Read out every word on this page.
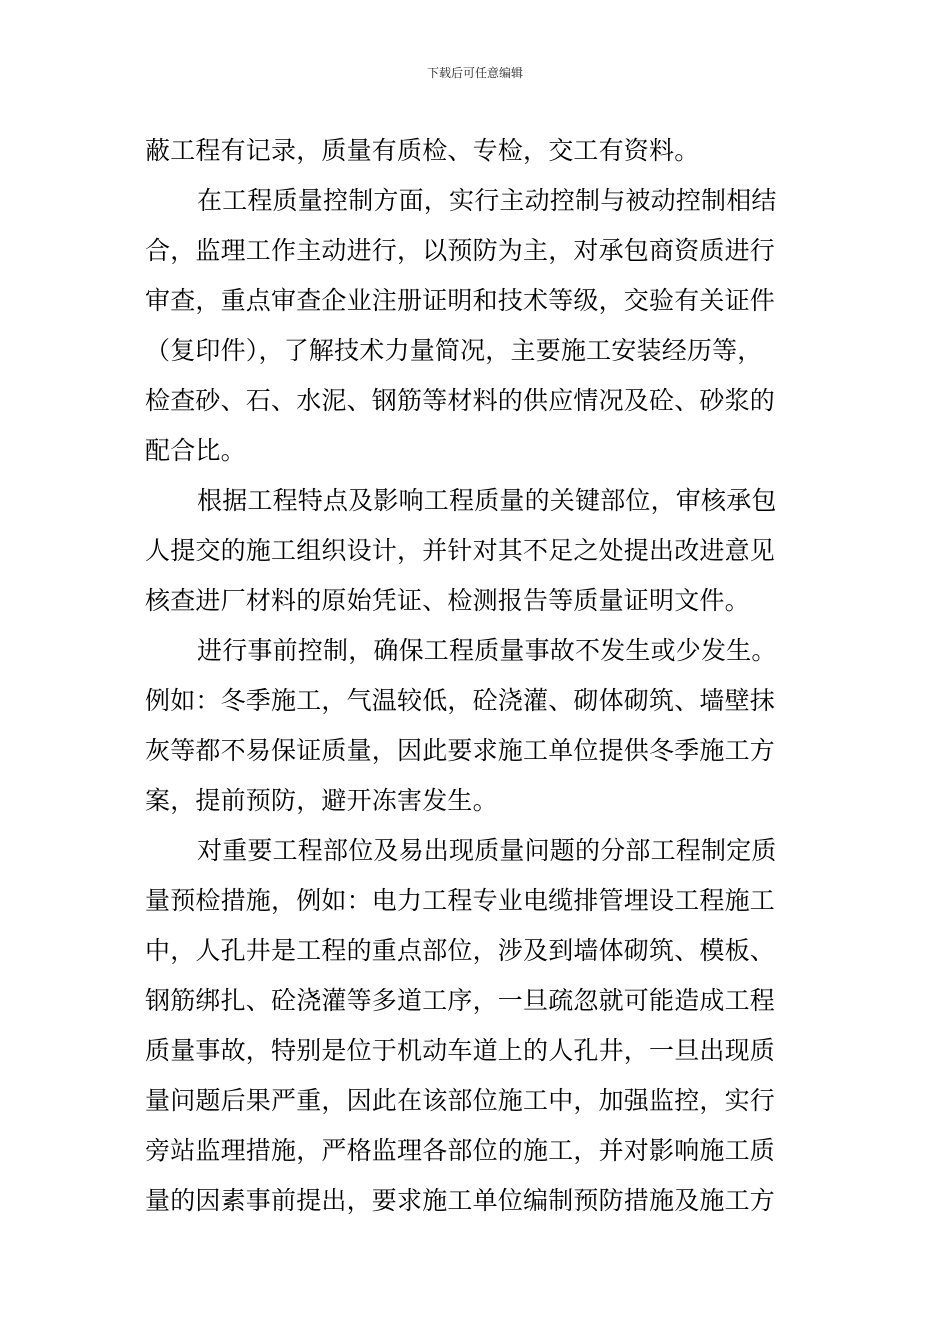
下载后可任意编辑
蔽工程有记录，质量有质检、专检，交工有资料。
在工程质量控制方面，实行主动控制与被动控制相结
合，监理工作主动进行，以预防为主，对承包商资质进行
审查，重点审查企业注册证明和技术等级，交验有关证件
（复印件），了解技术力量简况，主要施工安装经历等，
检查砂、石、水泥、钢筋等材料的供应情况及砼、砂浆的
配合比。
根据工程特点及影响工程质量的关键部位，审核承包
人提交的施工组织设计，并针对其不足之处提出改进意见
核查进厂材料的原始凭证、检测报告等质量证明文件。
进行事前控制，确保工程质量事故不发生或少发生。
例如：冬季施工，气温较低，砼浇灌、砌体砌筑、墙壁抹
灰等都不易保证质量，因此要求施工单位提供冬季施工方
案，提前预防，避开冻害发生。
对重要工程部位及易出现质量问题的分部工程制定质
量预检措施，例如：电力工程专业电缆排管埋设工程施工
中，人孔井是工程的重点部位，涉及到墙体砌筑、模板、
钢筋绑扎、砼浇灌等多道工序，一旦疏忽就可能造成工程
质量事故，特别是位于机动车道上的人孔井，一旦出现质
量问题后果严重，因此在该部位施工中，加强监控，实行
旁站监理措施，严格监理各部位的施工，并对影响施工质
量的因素事前提出，要求施工单位编制预防措施及施工方
